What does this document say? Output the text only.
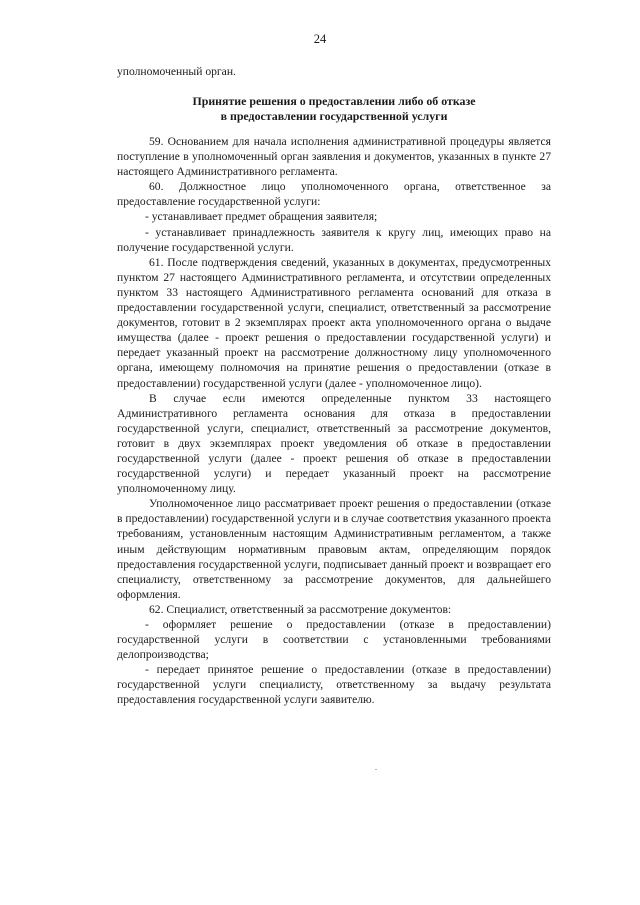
24
уполномоченный орган.
Принятие решения о предоставлении либо об отказе
в предоставлении государственной услуги

59. Основанием для начала исполнения административной процедуры является поступление в уполномоченный орган заявления и документов, указанных в пункте 27 настоящего Административного регламента.

60. Должностное лицо уполномоченного органа, ответственное за предоставление государственной услуги:

- устанавливает предмет обращения заявителя;

- устанавливает принадлежность заявителя к кругу лиц, имеющих право на получение государственной услуги.

61. После подтверждения сведений, указанных в документах, предусмотренных пунктом 27 настоящего Административного регламента, и отсутствии определенных пунктом 33 настоящего Административного регламента оснований для отказа в предоставлении государственной услуги, специалист, ответственный за рассмотрение документов, готовит в 2 экземплярах проект акта уполномоченного органа о выдаче имущества (далее - проект решения о предоставлении государственной услуги) и передает указанный проект на рассмотрение должностному лицу уполномоченного органа, имеющему полномочия на принятие решения о предоставлении (отказе в предоставлении) государственной услуги (далее - уполномоченное лицо).

В случае если имеются определенные пунктом 33 настоящего Административного регламента основания для отказа в предоставлении государственной услуги, специалист, ответственный за рассмотрение документов, готовит в двух экземплярах проект уведомления об отказе в предоставлении государственной услуги (далее - проект решения об отказе в предоставлении государственной услуги) и передает указанный проект на рассмотрение уполномоченному лицу.

Уполномоченное лицо рассматривает проект решения о предоставлении (отказе в предоставлении) государственной услуги и в случае соответствия указанного проекта требованиям, установленным настоящим Административным регламентом, а также иным действующим нормативным правовым актам, определяющим порядок предоставления государственной услуги, подписывает данный проект и возвращает его специалисту, ответственному за рассмотрение документов, для дальнейшего оформления.

62. Специалист, ответственный за рассмотрение документов:

- оформляет решение о предоставлении (отказе в предоставлении) государственной услуги в соответствии с установленными требованиями делопроизводства;

- передает принятое решение о предоставлении (отказе в предоставлении) государственной услуги специалисту, ответственному за выдачу результата предоставления государственной услуги заявителю.
